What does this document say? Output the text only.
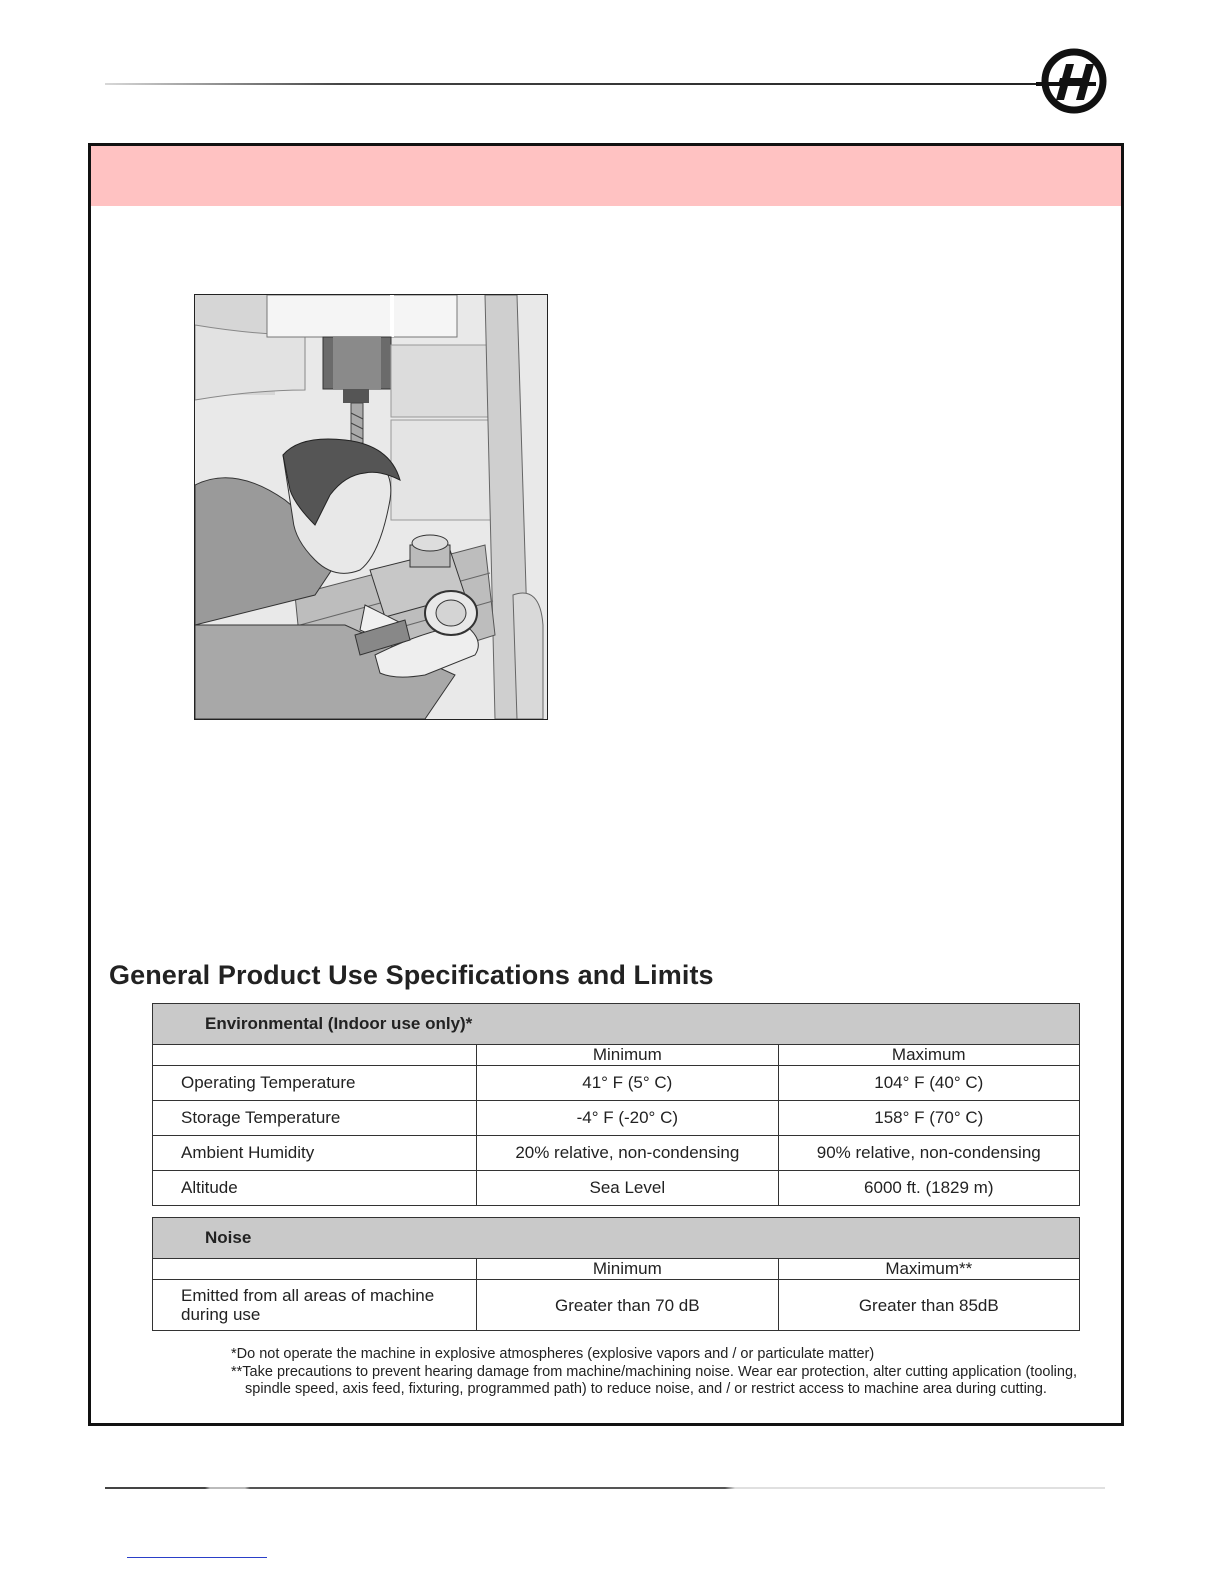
General Product Use Specifications and Limits
Environmental (Indoor use only)*		
	Minimum	Maximum
Operating Temperature	41° F (5° C)	104° F (40° C)
Storage Temperature	-4° F (-20° C)	158° F (70° C)
Ambient Humidity	20% relative, non-condensing	90% relative, non-condensing
Altitude	Sea Level	6000 ft. (1829 m)
Noise		
	Minimum	Maximum**
Emitted from all areas of machine
during use	Greater than 70 dB	Greater than 85dB
*Do not operate the machine in explosive atmospheres (explosive vapors and / or particulate matter)
**Take precautions to prevent hearing damage from machine/machining noise. Wear ear protection, alter cutting application (tooling, spindle speed, axis feed, fixturing, programmed path) to reduce noise, and / or restrict access to machine area during cutting.
